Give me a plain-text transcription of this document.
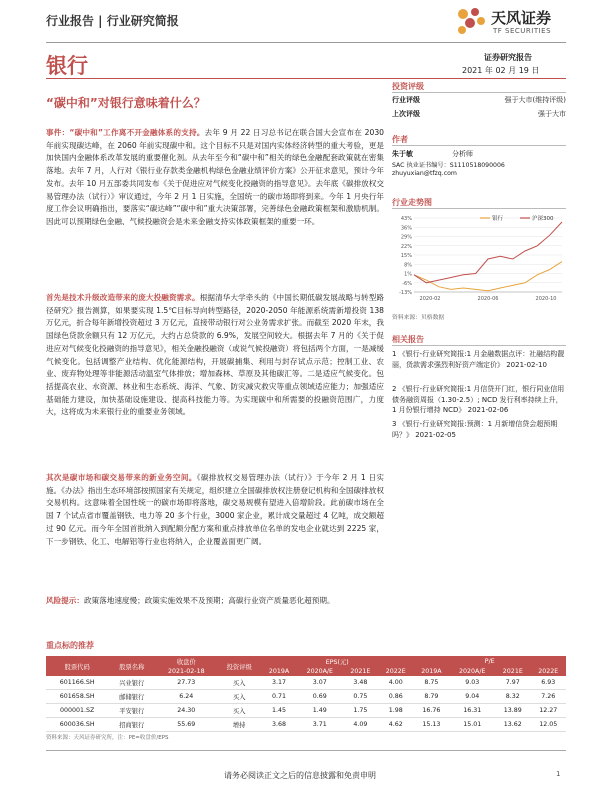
行业报告 | 行业研究简报	天风证券
TF SECURITIES
银行	证券研究报告
2021 年 02 月 19 日
“碳中和”对银行意味着什么？
事件：“碳中和”工作离不开金融体系的支持。去年 9 月 22 日习总书记在联合国大会宣布在 2030 年前实现碳达峰，在 2060 年前实现碳中和。这个目标不只是对国内实体经济转型的重大考验，更是加快国内金融体系改革发展的重要催化剂。从去年至今和“碳中和”相关的绿色金融配套政策就在密集落地。去年 7 月，人行对《银行业存款类金融机构绿色金融业绩评价方案》公开征求意见，预计今年发布。去年 10 月五部委共同发布《关于促进应对气候变化投融资的指导意见》。去年底《碳排放权交易管理办法（试行）》审议通过，今年 2 月 1 日实施，全国统一的碳市场即将到来。今年 1 月央行年度工作会议明确指出，要落实“碳达峰”“碳中和”重大决策部署，完善绿色金融政策框架和激励机制。因此可以预期绿色金融、气候投融资会是未来金融支持实体政策框架的重要一环。
首先是技术升级改造带来的庞大投融资需求。根据清华大学牵头的《中国长期低碳发展战略与转型路径研究》报告测算，如果要实现 1.5℃目标导向转型路径，2020-2050 年能源系统需新增投资 138 万亿元，折合每年新增投资超过 3 万亿元，直接带动银行对公业务需求扩张。而截至 2020 年末，我国绿色贷款余额只有 12 万亿元，大约占总贷款的 6.9%，发展空间较大。根据去年 7 月的《关于促进应对气候变化投融资的指导意见》，相关金融投融资（或说气候投融资）将包括两个方面，一是减缓气候变化。包括调整产业结构、优化能源结构，开展碳捕集、利用与封存试点示范；控制工业、农业、废弃物处理等非能源活动温室气体排放；增加森林、草原及其他碳汇等。二是适应气候变化。包括提高农业、水资源、林业和生态系统、海洋、气象、防灾减灾救灾等重点领域适应能力；加强适应基础能力建设，加快基础设施建设、提高科技能力等。为实现碳中和所需要的投融资范围广，力度大，这将成为未来银行业的重要业务领域。
其次是碳市场和碳交易带来的新业务空间。《碳排放权交易管理办法（试行）》于今年 2 月 1 日实施。《办法》指出生态环境部按照国家有关规定，组织建立全国碳排放权注册登记机构和全国碳排放权交易机构。这意味着全国性统一的碳市场即将落地，碳交易规模有望进入倍增阶段。此前碳市场在全国 7 个试点省市覆盖钢铁、电力等 20 多个行业，3000 家企业，累计成交量超过 4 亿吨，成交额超过 90 亿元。而今年全国首批纳入到配额分配方案和重点排放单位名单的发电企业就达到 2225 家，下一步钢铁、化工、电解铝等行业也将纳入，企业覆盖面更广阔。
风险提示：政策落地速度慢；政策实施效果不及预期；高碳行业资产质量恶化超预期。
投资评级
行业评级	强于大市(维持评级)
上次评级	强于大市
作者
朱于敏	分析师
SAC 执业证书编号：S1110518090006
zhuyuxian@tfzq.com
行业走势图
43%
36%
29%
22%
15%
8%
1%
-6%
-13%
2020-02	2020-06	2020-10
银行	沪深300
资料来源：贝格数据
相关报告
1 《银行-行业研究简报:1 月金融数据点评：社融结构靓丽，货款需求强烈利好资产端定价》 2021-02-10
2 《银行-行业研究简报:1 月信贷开门红，银行同业信用债务融资周报（1.30-2.5）; NCD 发行利率持续上升，1 月份银行增持 NCD》 2021-02-06
3 《银行-行业研究简报:预测：1 月新增信贷会超预期吗？》 2021-02-05
重点标的推荐
股票代码	股票名称	收盘价	投资评级	EPS(元)				P/E			
		2021-02-18		2019A	2020A/E	2021E	2022E	2019A	2020A/E	2021E	2022E
601166.SH	兴业银行	27.73	买入	3.17	3.07	3.48	4.00	8.75	9.03	7.97	6.93
601658.SH	邮储银行	6.24	买入	0.71	0.69	0.75	0.86	8.79	9.04	8.32	7.26
000001.SZ	平安银行	24.30	买入	1.45	1.49	1.75	1.98	16.76	16.31	13.89	12.27
600036.SH	招商银行	55.69	增持	3.68	3.71	4.09	4.62	15.13	15.01	13.62	12.05
资料来源：天风证券研究所，注：PE=收盘价/EPS
请务必阅读正文之后的信息披露和免责申明	1
